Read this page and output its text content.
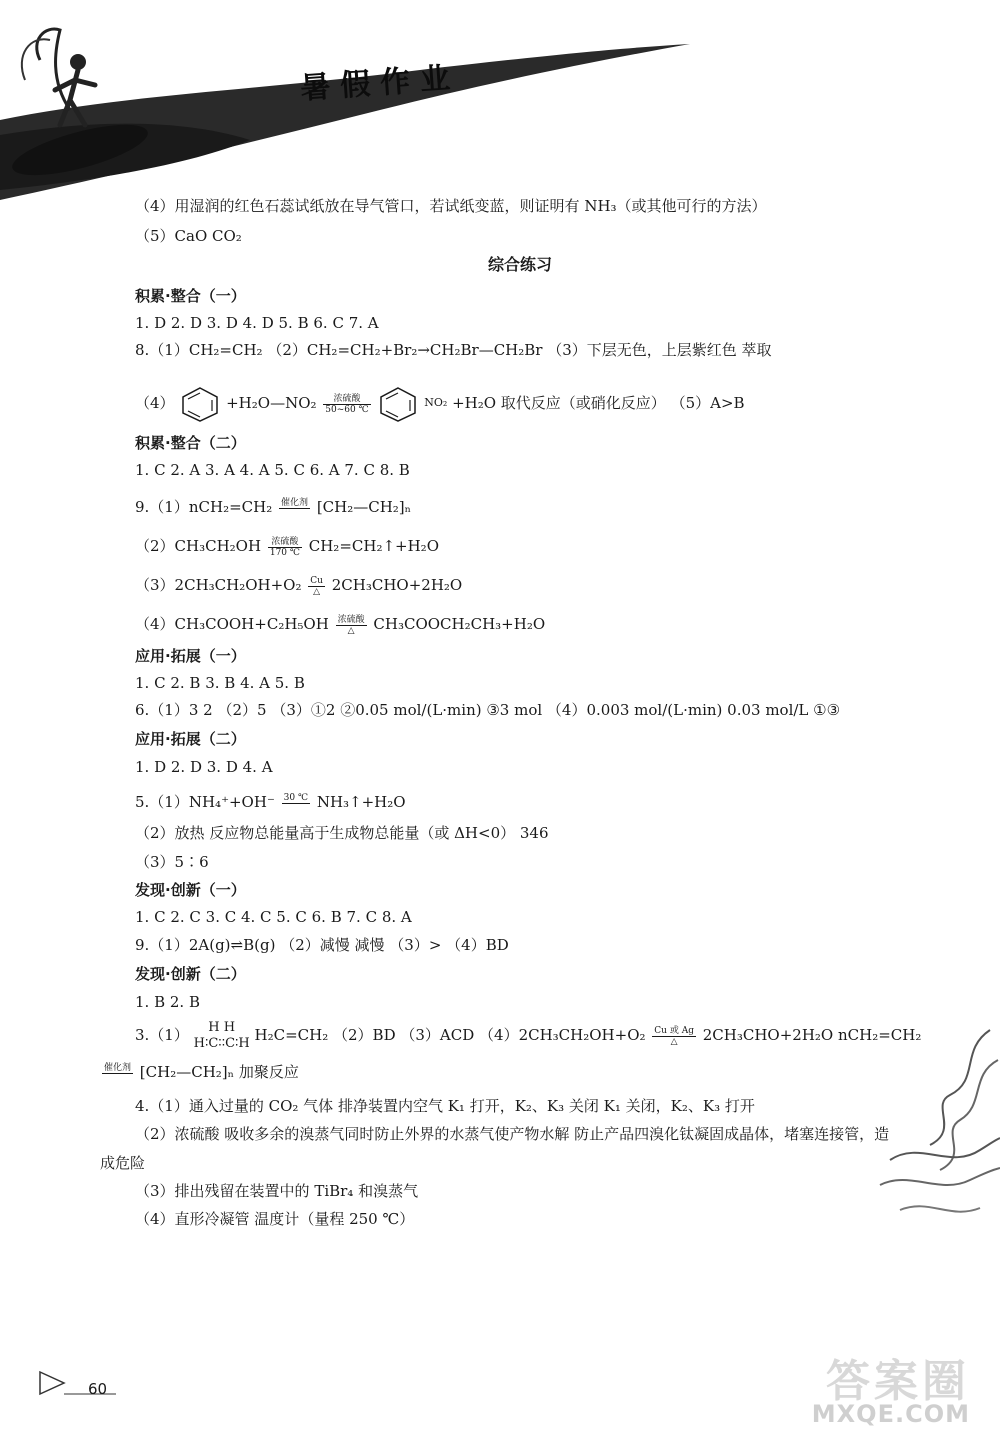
暑假作业
（4）用湿润的红色石蕊试纸放在导气管口，若试纸变蓝，则证明有 NH₃（或其他可行的方法）
（5）CaO CO₂
综合练习
积累·整合（一）
1. D 2. D 3. D 4. D 5. B 6. C 7. A
8.（1）CH₂=CH₂ （2）CH₂=CH₂+Br₂→CH₂Br—CH₂Br （3）下层无色，上层紫红色 萃取
（4）	+H₂O—NO₂	浓硫酸
50~60 ℃
$^{NO_2}$ +H₂O 取代反应（或硝化反应） （5）A>B
积累·整合（二）
1. C 2. A 3. A 4. A 5. C 6. A 7. C 8. B
9.（1）nCH₂=CH₂ 催化剂
[CH₂—CH₂]ₙ
（2）CH₃CH₂OH	浓硫酸
170 ℃ CH₂=CH₂↑+H₂O
（3）2CH₃CH₂OH+O₂ Cu
△ 2CH₃CHO+2H₂O
（4）CH₃COOH+C₂H₅OH 浓硫酸
△	CH₃COOCH₂CH₃+H₂O
应用·拓展（一）
1. C 2. B 3. B 4. A 5. B
6.（1）3 2 （2）5 （3）①2 ②0.05 mol/(L·min) ③3 mol （4）0.003 mol/(L·min) 0.03 mol/L ①③
应用·拓展（二）
1. D 2. D 3. D 4. A
5.（1）NH₄⁺+OH⁻ 30 ℃
NH₃↑+H₂O
（2）放热 反应物总能量高于生成物总能量（或 ΔH<0） 346
（3）5∶6
发现·创新（一）
1. C 2. C 3. C 4. C 5. C 6. B 7. C 8. A
9.（1）2A(g)⇌B(g) （2）减慢 减慢 （3）> （4）BD
发现·创新（二）
1. B 2. B
3.（1）	H H
H∶C∶∶C∶H H₂C=CH₂ （2）BD （3）ACD （4）2CH₃CH₂OH+O₂ Cu 或 Ag
△	2CH₃CHO+2H₂O nCH₂=CH₂
催化剂
[CH₂—CH₂]ₙ 加聚反应
4.（1）通入过量的 CO₂ 气体 排净装置内空气 K₁ 打开，K₂、K₃ 关闭 K₁ 关闭，K₂、K₃ 打开
（2）浓硫酸 吸收多余的溴蒸气同时防止外界的水蒸气使产物水解 防止产品四溴化钛凝固成晶体，堵塞连接管，造
成危险
（3）排出残留在装置中的 TiBr₄ 和溴蒸气
（4）直形冷凝管 温度计（量程 250 ℃）
60	答案圈
MXQE.COM
